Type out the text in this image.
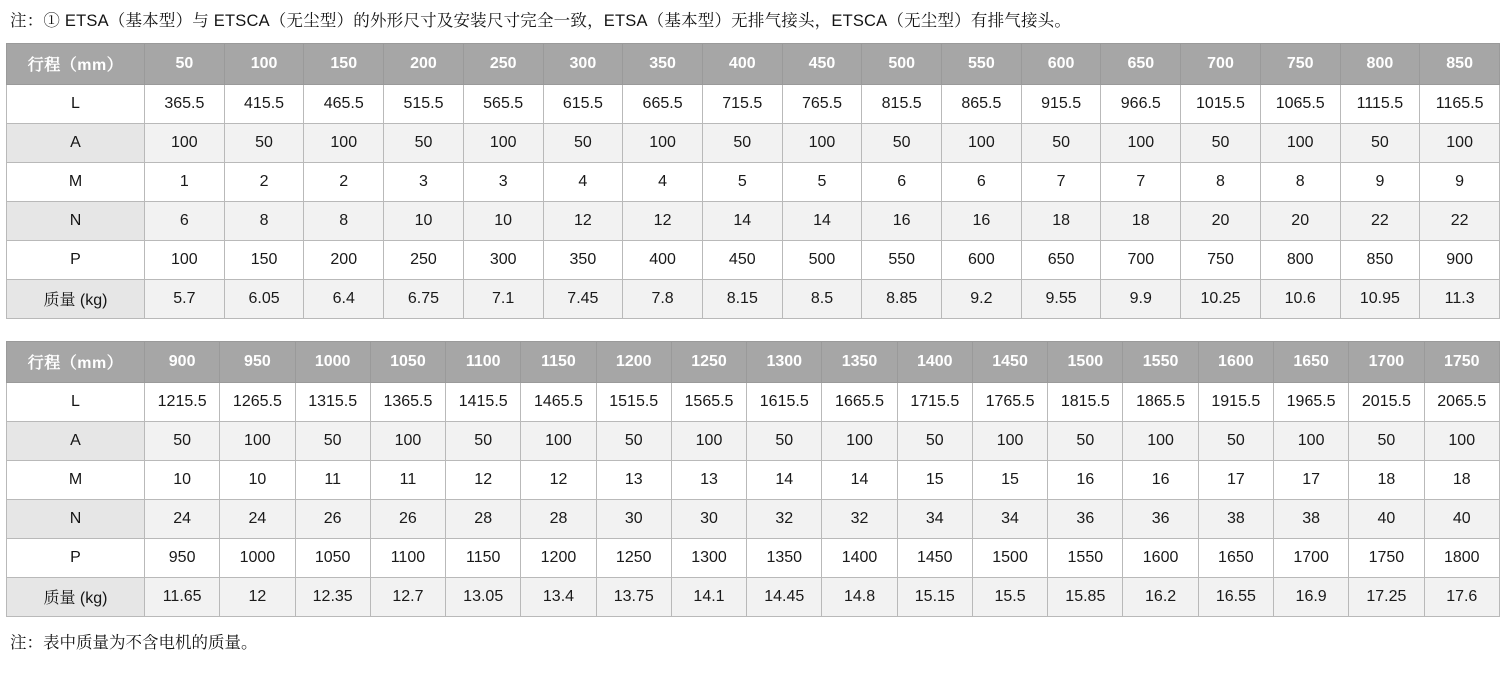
注：① ETSA（基本型）与 ETSCA（无尘型）的外形尺寸及安装尺寸完全一致，ETSA（基本型）无排气接头，ETSCA（无尘型）有排气接头。
行程（mm）	50	100	150	200	250	300	350	400	450	500	550	600	650	700	750	800	850
L	365.5	415.5	465.5	515.5	565.5	615.5	665.5	715.5	765.5	815.5	865.5	915.5	966.5	1015.5	1065.5	1115.5	1165.5
A	100	50	100	50	100	50	100	50	100	50	100	50	100	50	100	50	100
M	1	2	2	3	3	4	4	5	5	6	6	7	7	8	8	9	9
N	6	8	8	10	10	12	12	14	14	16	16	18	18	20	20	22	22
P	100	150	200	250	300	350	400	450	500	550	600	650	700	750	800	850	900
质量 (kg)	5.7	6.05	6.4	6.75	7.1	7.45	7.8	8.15	8.5	8.85	9.2	9.55	9.9	10.25	10.6	10.95	11.3
行程（mm）	900	950	1000	1050	1100	1150	1200	1250	1300	1350	1400	1450	1500	1550	1600	1650	1700	1750
L	1215.5	1265.5	1315.5	1365.5	1415.5	1465.5	1515.5	1565.5	1615.5	1665.5	1715.5	1765.5	1815.5	1865.5	1915.5	1965.5	2015.5	2065.5
A	50	100	50	100	50	100	50	100	50	100	50	100	50	100	50	100	50	100
M	10	10	11	11	12	12	13	13	14	14	15	15	16	16	17	17	18	18
N	24	24	26	26	28	28	30	30	32	32	34	34	36	36	38	38	40	40
P	950	1000	1050	1100	1150	1200	1250	1300	1350	1400	1450	1500	1550	1600	1650	1700	1750	1800
质量 (kg)	11.65	12	12.35	12.7	13.05	13.4	13.75	14.1	14.45	14.8	15.15	15.5	15.85	16.2	16.55	16.9	17.25	17.6
注：表中质量为不含电机的质量。
